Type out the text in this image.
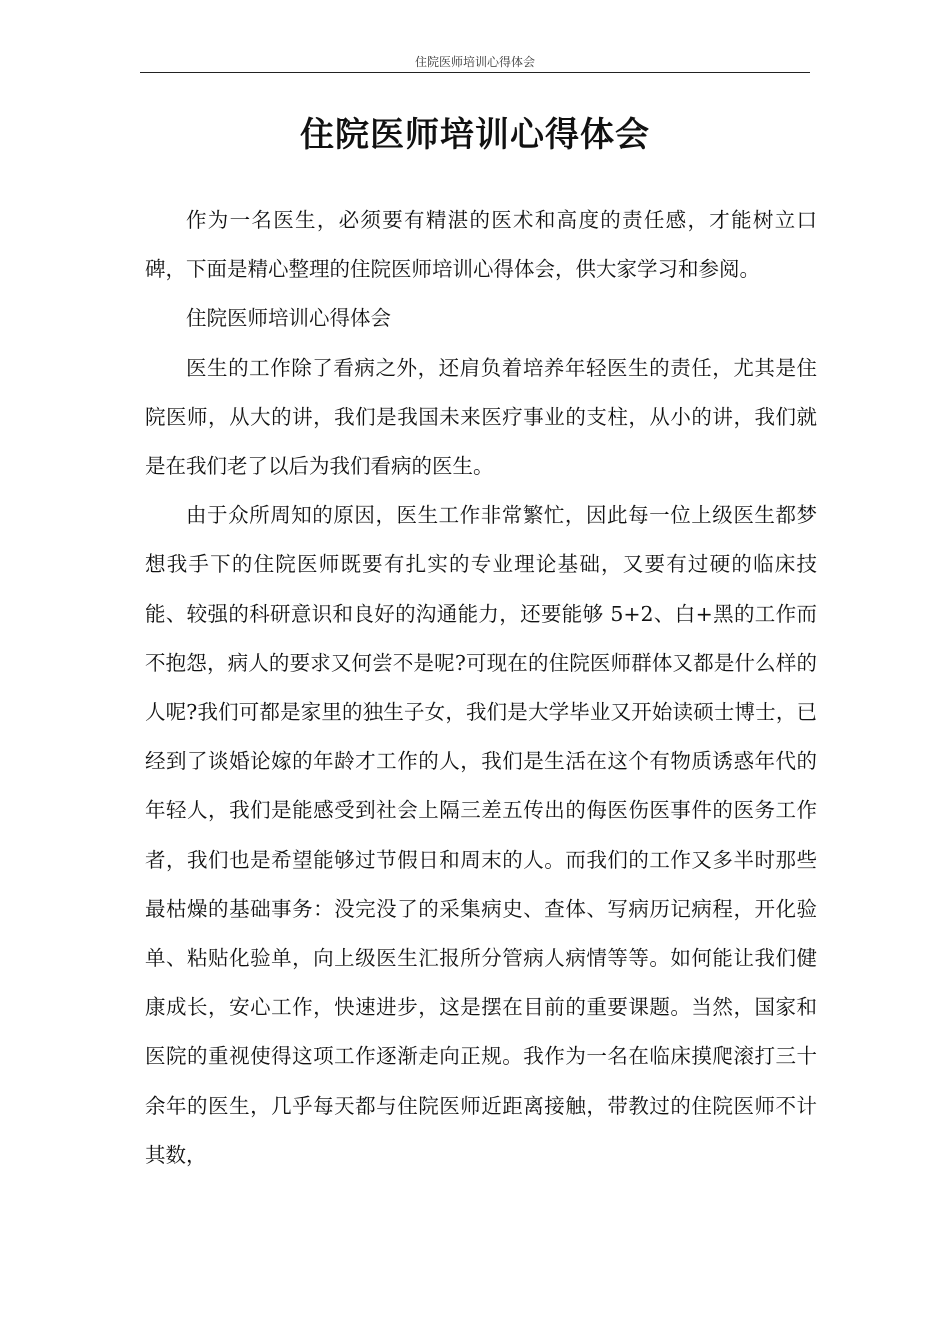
住院医师培训心得体会
住院医师培训心得体会

作为一名医生，必须要有精湛的医术和高度的责任感，才能树立口碑，下面是精心整理的住院医师培训心得体会，供大家学习和参阅。

住院医师培训心得体会

医生的工作除了看病之外，还肩负着培养年轻医生的责任，尤其是住院医师，从大的讲，我们是我国未来医疗事业的支柱，从小的讲，我们就是在我们老了以后为我们看病的医生。

由于众所周知的原因，医生工作非常繁忙，因此每一位上级医生都梦想我手下的住院医师既要有扎实的专业理论基础，又要有过硬的临床技能、较强的科研意识和良好的沟通能力，还要能够 5+2、白+黑的工作而不抱怨，病人的要求又何尝不是呢?可现在的住院医师群体又都是什么样的人呢?我们可都是家里的独生子女，我们是大学毕业又开始读硕士博士，已经到了谈婚论嫁的年龄才工作的人，我们是生活在这个有物质诱惑年代的年轻人，我们是能感受到社会上隔三差五传出的侮医伤医事件的医务工作者，我们也是希望能够过节假日和周末的人。而我们的工作又多半时那些最枯燥的基础事务：没完没了的采集病史、查体、写病历记病程，开化验单、粘贴化验单，向上级医生汇报所分管病人病情等等。如何能让我们健康成长，安心工作，快速进步，这是摆在目前的重要课题。当然，国家和医院的重视使得这项工作逐渐走向正规。我作为一名在临床摸爬滚打三十余年的医生，几乎每天都与住院医师近距离接触，带教过的住院医师不计其数，
